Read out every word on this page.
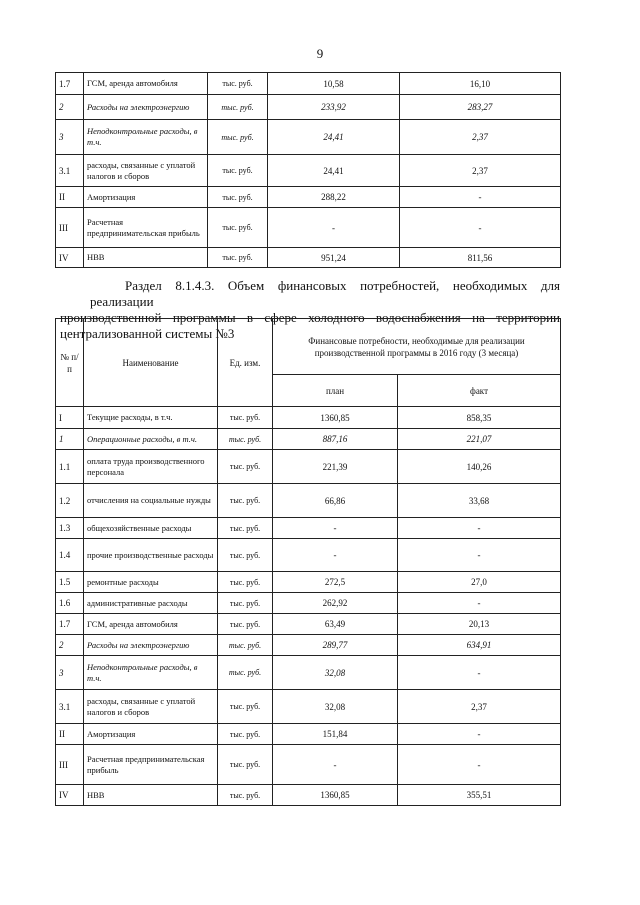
9
1.7	ГСМ, аренда автомобиля	тыс. руб.	10,58	16,10
2	Расходы на электроэнергию	тыс. руб.	233,92	283,27
3	Неподконтрольные расходы, в т.ч.	тыс. руб.	24,41	2,37
3.1	расходы, связанные с уплатой налогов и сборов	тыс. руб.	24,41	2,37
II	Амортизация	тыс. руб.	288,22	-
III	Расчетная предпринимательская прибыль	тыс. руб.	-	-
IV	НВВ	тыс. руб.	951,24	811,56
Раздел 8.1.4.3. Объем финансовых потребностей, необходимых для реализации
производственной программы в сфере холодного водоснабжения на территории централизованной системы №3
№ п/п	Наименование	Ед. изм.	Финансовые потребности, необходимые для реализации производственной программы в 2016 году (3 месяца)	
			план	факт
I	Текущие расходы, в т.ч.	тыс. руб.	1360,85	858,35
1	Операционные расходы, в т.ч.	тыс. руб.	887,16	221,07
1.1	оплата труда производственного персонала	тыс. руб.	221,39	140,26
1.2	отчисления на социальные нужды	тыс. руб.	66,86	33,68
1.3	общехозяйственные расходы	тыс. руб.	-	-
1.4	прочие производственные расходы	тыс. руб.	-	-
1.5	ремонтные расходы	тыс. руб.	272,5	27,0
1.6	административные расходы	тыс. руб.	262,92	-
1.7	ГСМ, аренда автомобиля	тыс. руб.	63,49	20,13
2	Расходы на электроэнергию	тыс. руб.	289,77	634,91
3	Неподконтрольные расходы, в т.ч.	тыс. руб.	32,08	-
3.1	расходы, связанные с уплатой налогов и сборов	тыс. руб.	32,08	2,37
II	Амортизация	тыс. руб.	151,84	-
III	Расчетная предпринимательская прибыль	тыс. руб.	-	-
IV	НВВ	тыс. руб.	1360,85	355,51
